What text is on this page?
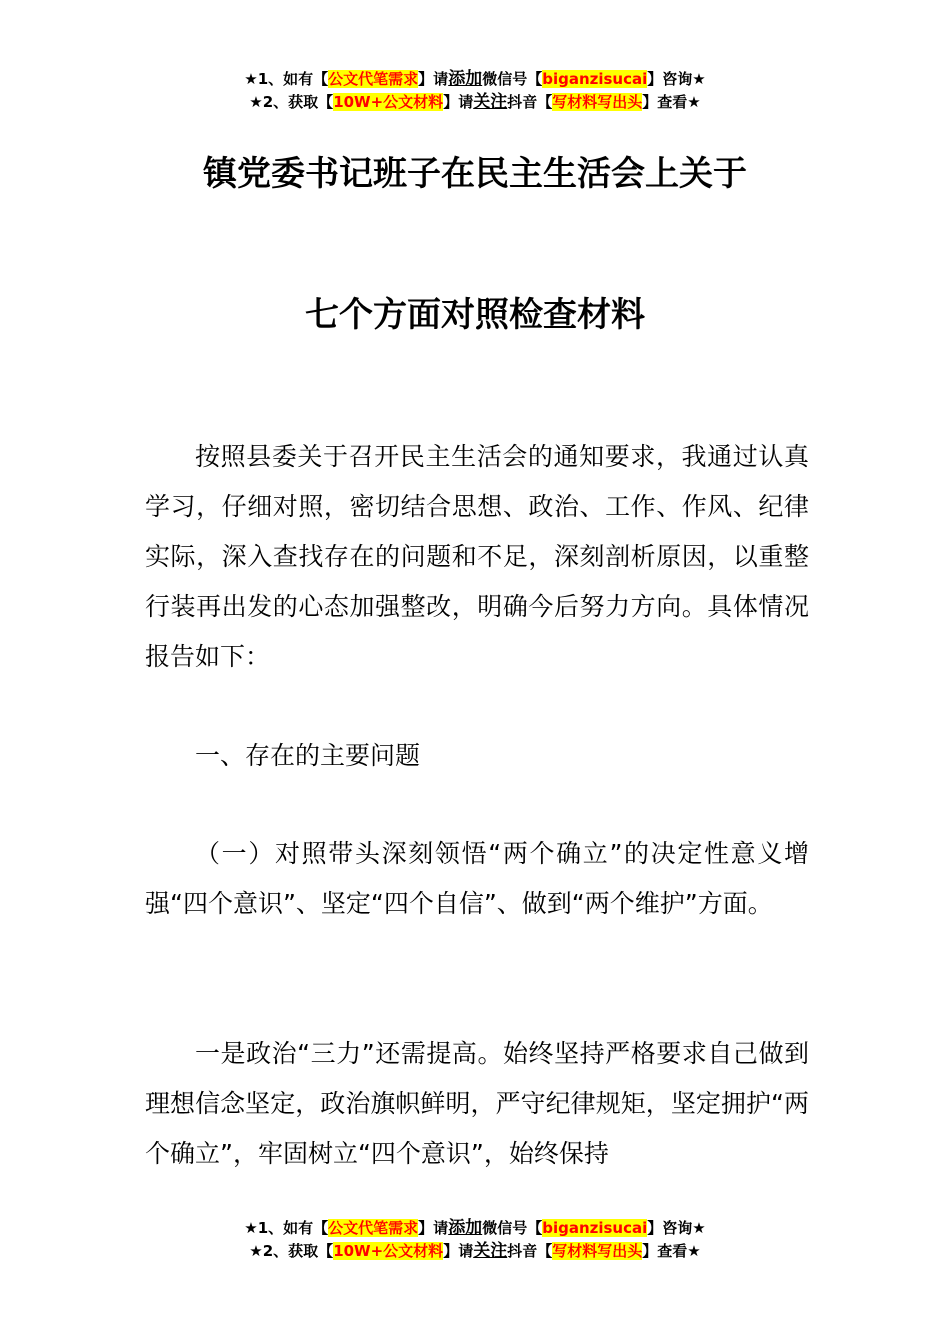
★1、如有【公文代笔需求】请添加微信号【biganzisucai】咨询★
★2、获取【10W+公文材料】请关注抖音【写材料写出头】查看★
镇党委书记班子在民主生活会上关于
七个方面对照检查材料

按照县委关于召开民主生活会的通知要求，我通过认真学习，仔细对照，密切结合思想、政治、工作、作风、纪律实际，深入查找存在的问题和不足，深刻剖析原因，以重整行装再出发的心态加强整改，明确今后努力方向。具体情况报告如下：

一、存在的主要问题

（一）对照带头深刻领悟“两个确立”的决定性意义增强“四个意识”、坚定“四个自信”、做到“两个维护”方面。

一是政治“三力”还需提高。始终坚持严格要求自己做到理想信念坚定，政治旗帜鲜明，严守纪律规矩，坚定拥护“两个确立”，牢固树立“四个意识”，始终保持

★1、如有【公文代笔需求】请添加微信号【biganzisucai】咨询★
★2、获取【10W+公文材料】请关注抖音【写材料写出头】查看★
